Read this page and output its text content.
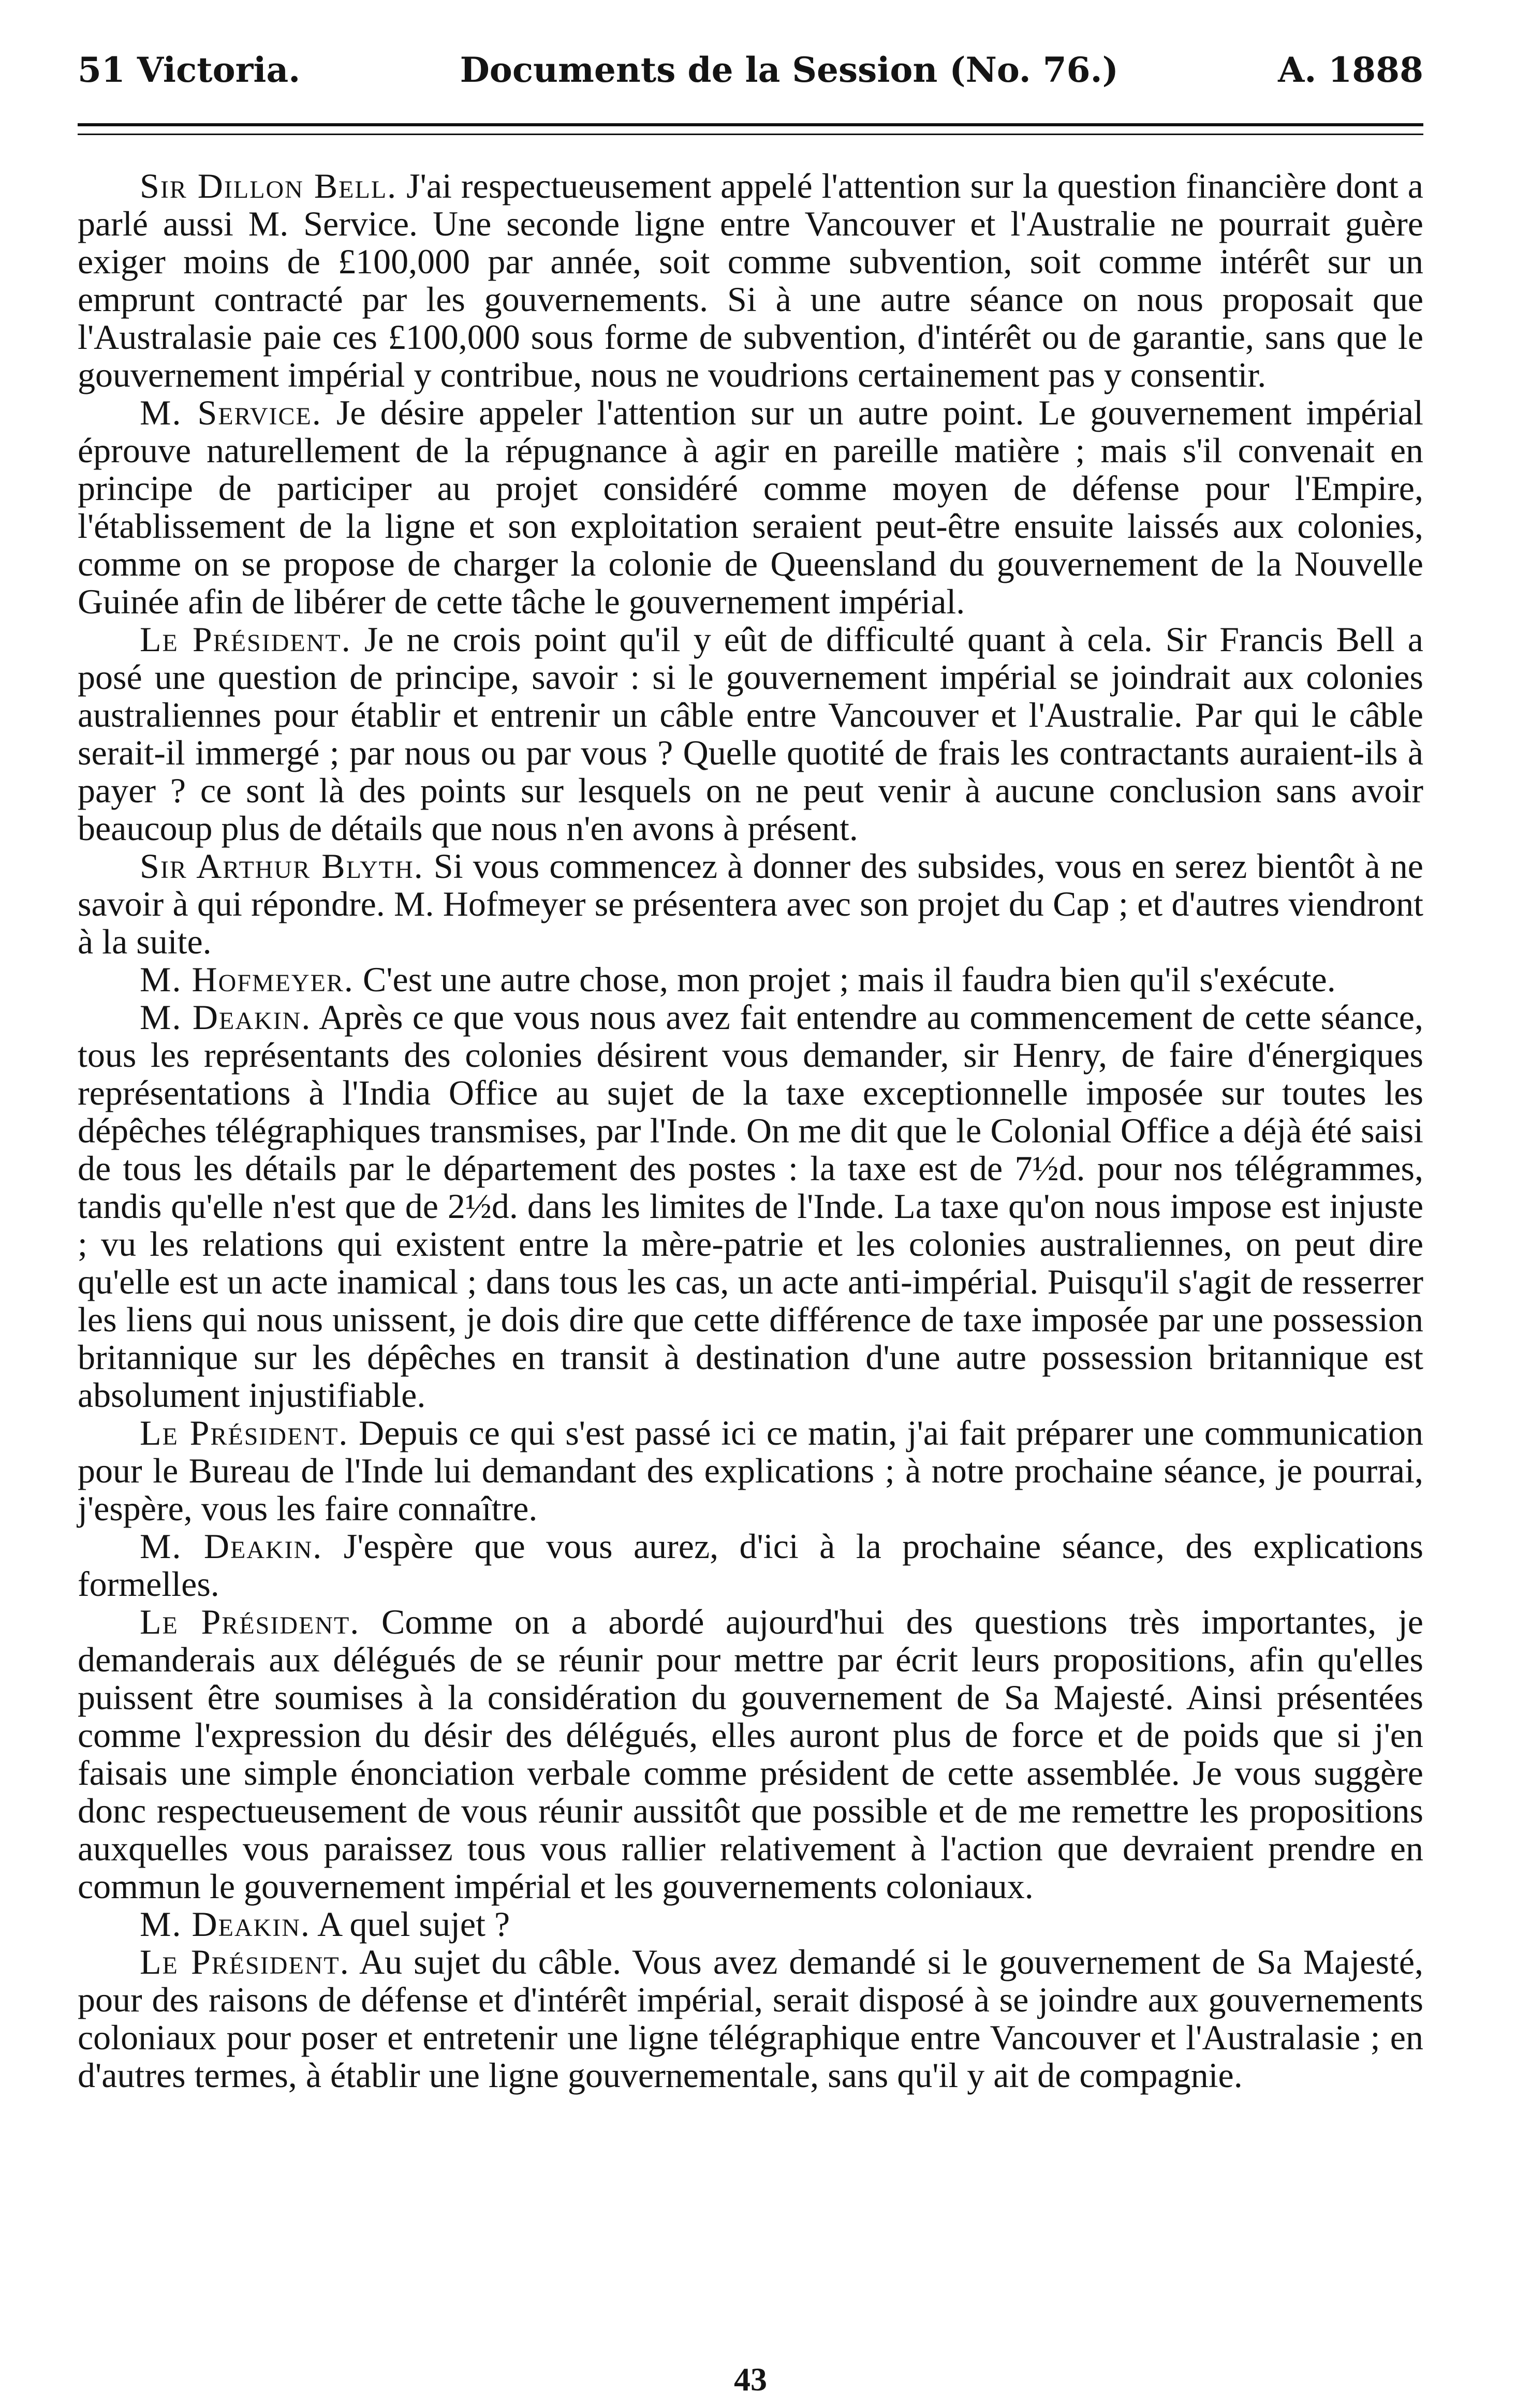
51 Victoria.	Documents de la Session (No. 76.)	A. 1888

Sir Dillon Bell. J'ai respectueusement appelé l'attention sur la question financière dont a parlé aussi M. Service. Une seconde ligne entre Vancouver et l'Australie ne pourrait guère exiger moins de £100,000 par année, soit comme subvention, soit comme intérêt sur un emprunt contracté par les gouvernements. Si à une autre séance on nous proposait que l'Australasie paie ces £100,000 sous forme de subvention, d'intérêt ou de garantie, sans que le gouvernement impérial y contribue, nous ne voudrions certainement pas y consentir.

M. Service. Je désire appeler l'attention sur un autre point. Le gouvernement impérial éprouve naturellement de la répugnance à agir en pareille matière ; mais s'il convenait en principe de participer au projet considéré comme moyen de défense pour l'Empire, l'établissement de la ligne et son exploitation seraient peut-être ensuite laissés aux colonies, comme on se propose de charger la colonie de Queensland du gouvernement de la Nouvelle Guinée afin de libérer de cette tâche le gouvernement impérial.

Le Président. Je ne crois point qu'il y eût de difficulté quant à cela. Sir Francis Bell a posé une question de principe, savoir : si le gouvernement impérial se joindrait aux colonies australiennes pour établir et entrenir un câble entre Vancouver et l'Australie. Par qui le câble serait-il immergé ; par nous ou par vous ? Quelle quotité de frais les contractants auraient-ils à payer ? ce sont là des points sur lesquels on ne peut venir à aucune conclusion sans avoir beaucoup plus de détails que nous n'en avons à présent.

Sir Arthur Blyth. Si vous commencez à donner des subsides, vous en serez bientôt à ne savoir à qui répondre. M. Hofmeyer se présentera avec son projet du Cap ; et d'autres viendront à la suite.

M. Hofmeyer. C'est une autre chose, mon projet ; mais il faudra bien qu'il s'exécute.

M. Deakin. Après ce que vous nous avez fait entendre au commencement de cette séance, tous les représentants des colonies désirent vous demander, sir Henry, de faire d'énergiques représentations à l'India Office au sujet de la taxe exceptionnelle imposée sur toutes les dépêches télégraphiques transmises, par l'Inde. On me dit que le Colonial Office a déjà été saisi de tous les détails par le département des postes : la taxe est de 7½d. pour nos télégrammes, tandis qu'elle n'est que de 2½d. dans les limites de l'Inde. La taxe qu'on nous impose est injuste ; vu les relations qui existent entre la mère-patrie et les colonies australiennes, on peut dire qu'elle est un acte inamical ; dans tous les cas, un acte anti-impérial. Puisqu'il s'agit de resserrer les liens qui nous unissent, je dois dire que cette différence de taxe imposée par une possession britannique sur les dépêches en transit à destination d'une autre possession britannique est absolument injustifiable.

Le Président. Depuis ce qui s'est passé ici ce matin, j'ai fait préparer une communication pour le Bureau de l'Inde lui demandant des explications ; à notre prochaine séance, je pourrai, j'espère, vous les faire connaître.

M. Deakin. J'espère que vous aurez, d'ici à la prochaine séance, des explications formelles.

Le Président. Comme on a abordé aujourd'hui des questions très importantes, je demanderais aux délégués de se réunir pour mettre par écrit leurs propositions, afin qu'elles puissent être soumises à la considération du gouvernement de Sa Majesté. Ainsi présentées comme l'expression du désir des délégués, elles auront plus de force et de poids que si j'en faisais une simple énonciation verbale comme président de cette assemblée. Je vous suggère donc respectueusement de vous réunir aussitôt que possible et de me remettre les propositions auxquelles vous paraissez tous vous rallier relativement à l'action que devraient prendre en commun le gouvernement impérial et les gouvernements coloniaux.

M. Deakin. A quel sujet ?

Le Président. Au sujet du câble. Vous avez demandé si le gouvernement de Sa Majesté, pour des raisons de défense et d'intérêt impérial, serait disposé à se joindre aux gouvernements coloniaux pour poser et entretenir une ligne télégraphique entre Vancouver et l'Australasie ; en d'autres termes, à établir une ligne gouvernementale, sans qu'il y ait de compagnie.

43
